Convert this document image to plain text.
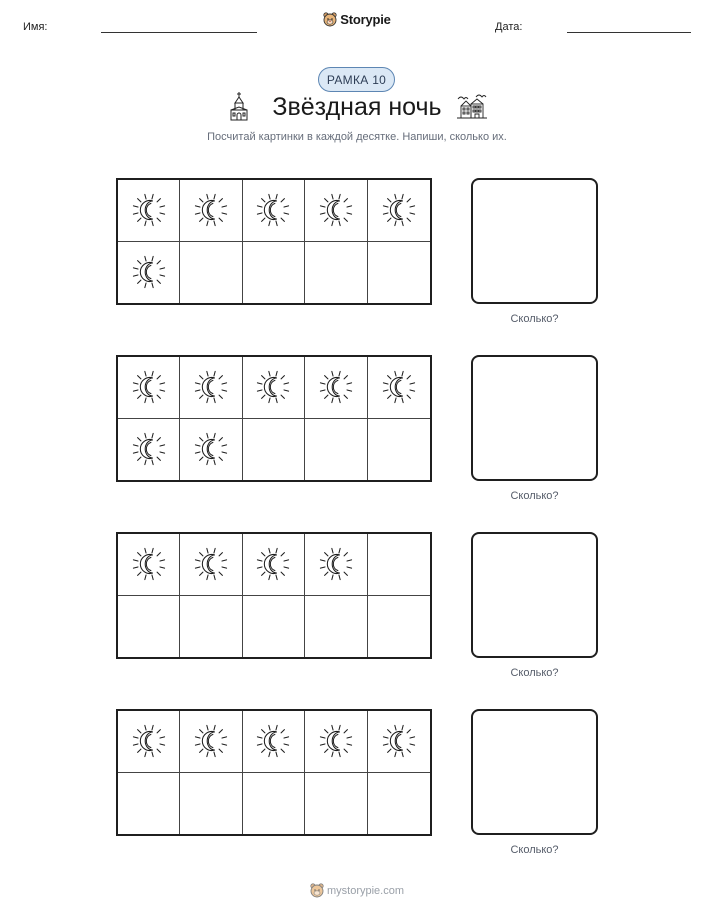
Имя:	Storypie	Дата:
РАМКА 10
Звёздная ночь
Посчитай картинки в каждой десятке. Напиши, сколько их.
Сколько?
Сколько?
Сколько?
Сколько?
mystorypie.com
